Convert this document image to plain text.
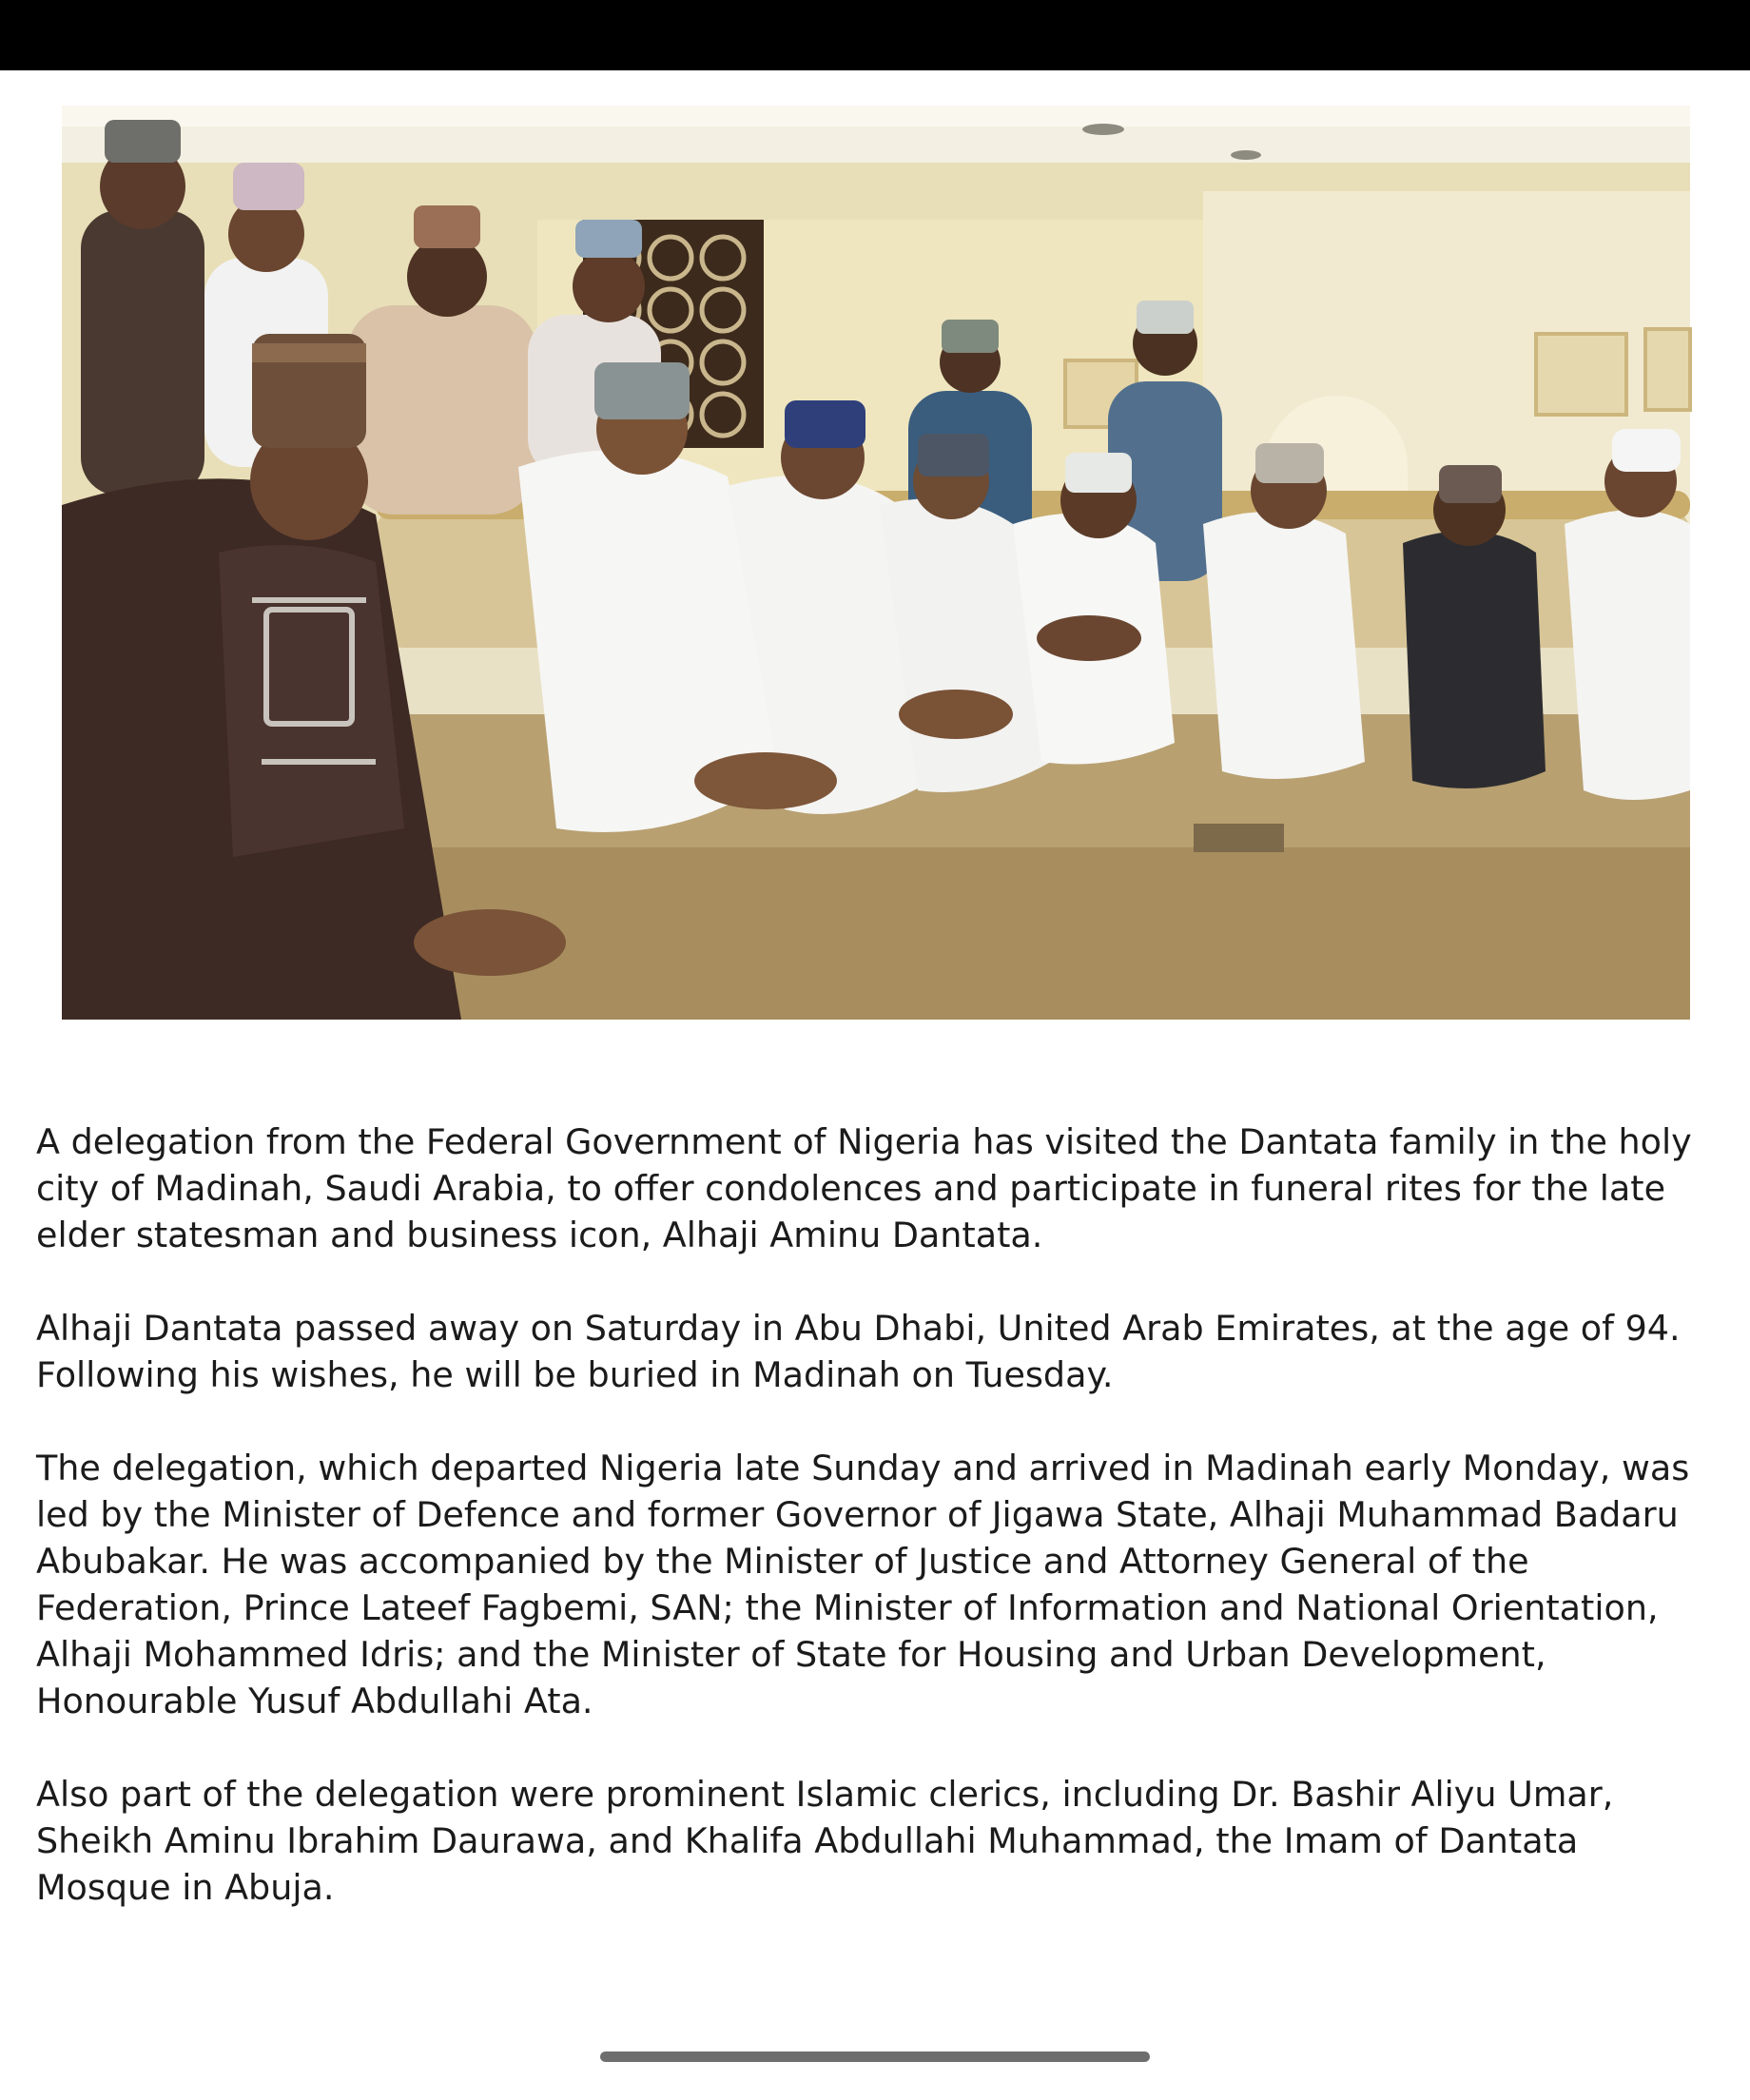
A delegation from the Federal Government of Nigeria has visited the Dantata family in the holy city of Madinah, Saudi Arabia, to offer condolences and participate in funeral rites for the late elder statesman and business icon, Alhaji Aminu Dantata.

Alhaji Dantata passed away on Saturday in Abu Dhabi, United Arab Emirates, at the age of 94. Following his wishes, he will be buried in Madinah on Tuesday.

The delegation, which departed Nigeria late Sunday and arrived in Madinah early Monday, was led by the Minister of Defence and former Governor of Jigawa State, Alhaji Muhammad Badaru Abubakar. He was accompanied by the Minister of Justice and Attorney General of the Federation, Prince Lateef Fagbemi, SAN; the Minister of Information and National Orientation, Alhaji Mohammed Idris; and the Minister of State for Housing and Urban Development, Honourable Yusuf Abdullahi Ata.

Also part of the delegation were prominent Islamic clerics, including Dr. Bashir Aliyu Umar, Sheikh Aminu Ibrahim Daurawa, and Khalifa Abdullahi Muhammad, the Imam of Dantata Mosque in Abuja.
